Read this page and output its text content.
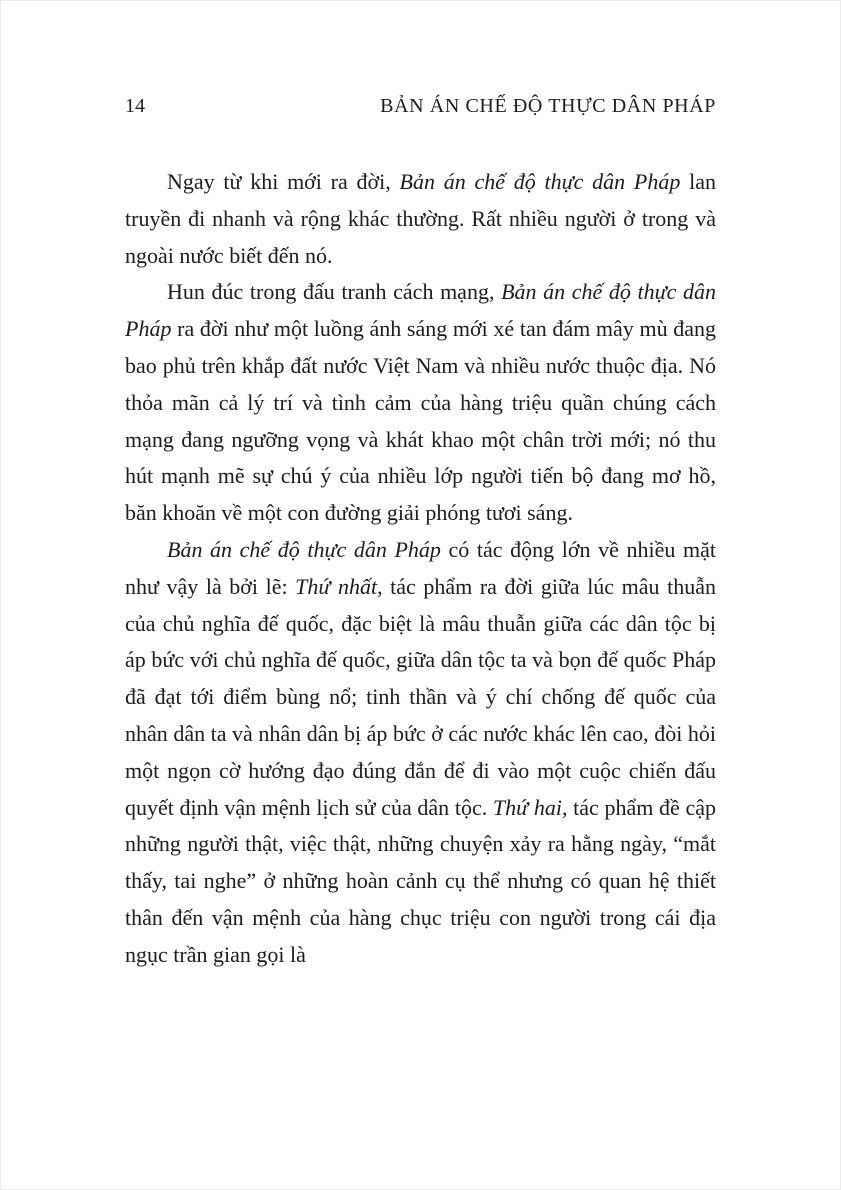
14	BẢN ÁN CHẾ ĐỘ THỰC DÂN PHÁP

Ngay từ khi mới ra đời, Bản án chế độ thực dân Pháp lan truyền đi nhanh và rộng khác thường. Rất nhiều người ở trong và ngoài nước biết đến nó.

Hun đúc trong đấu tranh cách mạng, Bản án chế độ thực dân Pháp ra đời như một luồng ánh sáng mới xé tan đám mây mù đang bao phủ trên khắp đất nước Việt Nam và nhiều nước thuộc địa. Nó thỏa mãn cả lý trí và tình cảm của hàng triệu quần chúng cách mạng đang ngưỡng vọng và khát khao một chân trời mới; nó thu hút mạnh mẽ sự chú ý của nhiều lớp người tiến bộ đang mơ hồ, băn khoăn về một con đường giải phóng tươi sáng.

Bản án chế độ thực dân Pháp có tác động lớn về nhiều mặt như vậy là bởi lẽ: Thứ nhất, tác phẩm ra đời giữa lúc mâu thuẫn của chủ nghĩa đế quốc, đặc biệt là mâu thuẫn giữa các dân tộc bị áp bức với chủ nghĩa đế quốc, giữa dân tộc ta và bọn đế quốc Pháp đã đạt tới điểm bùng nổ; tinh thần và ý chí chống đế quốc của nhân dân ta và nhân dân bị áp bức ở các nước khác lên cao, đòi hỏi một ngọn cờ hướng đạo đúng đắn để đi vào một cuộc chiến đấu quyết định vận mệnh lịch sử của dân tộc. Thứ hai, tác phẩm đề cập những người thật, việc thật, những chuyện xảy ra hằng ngày, “mắt thấy, tai nghe” ở những hoàn cảnh cụ thể nhưng có quan hệ thiết thân đến vận mệnh của hàng chục triệu con người trong cái địa ngục trần gian gọi là
